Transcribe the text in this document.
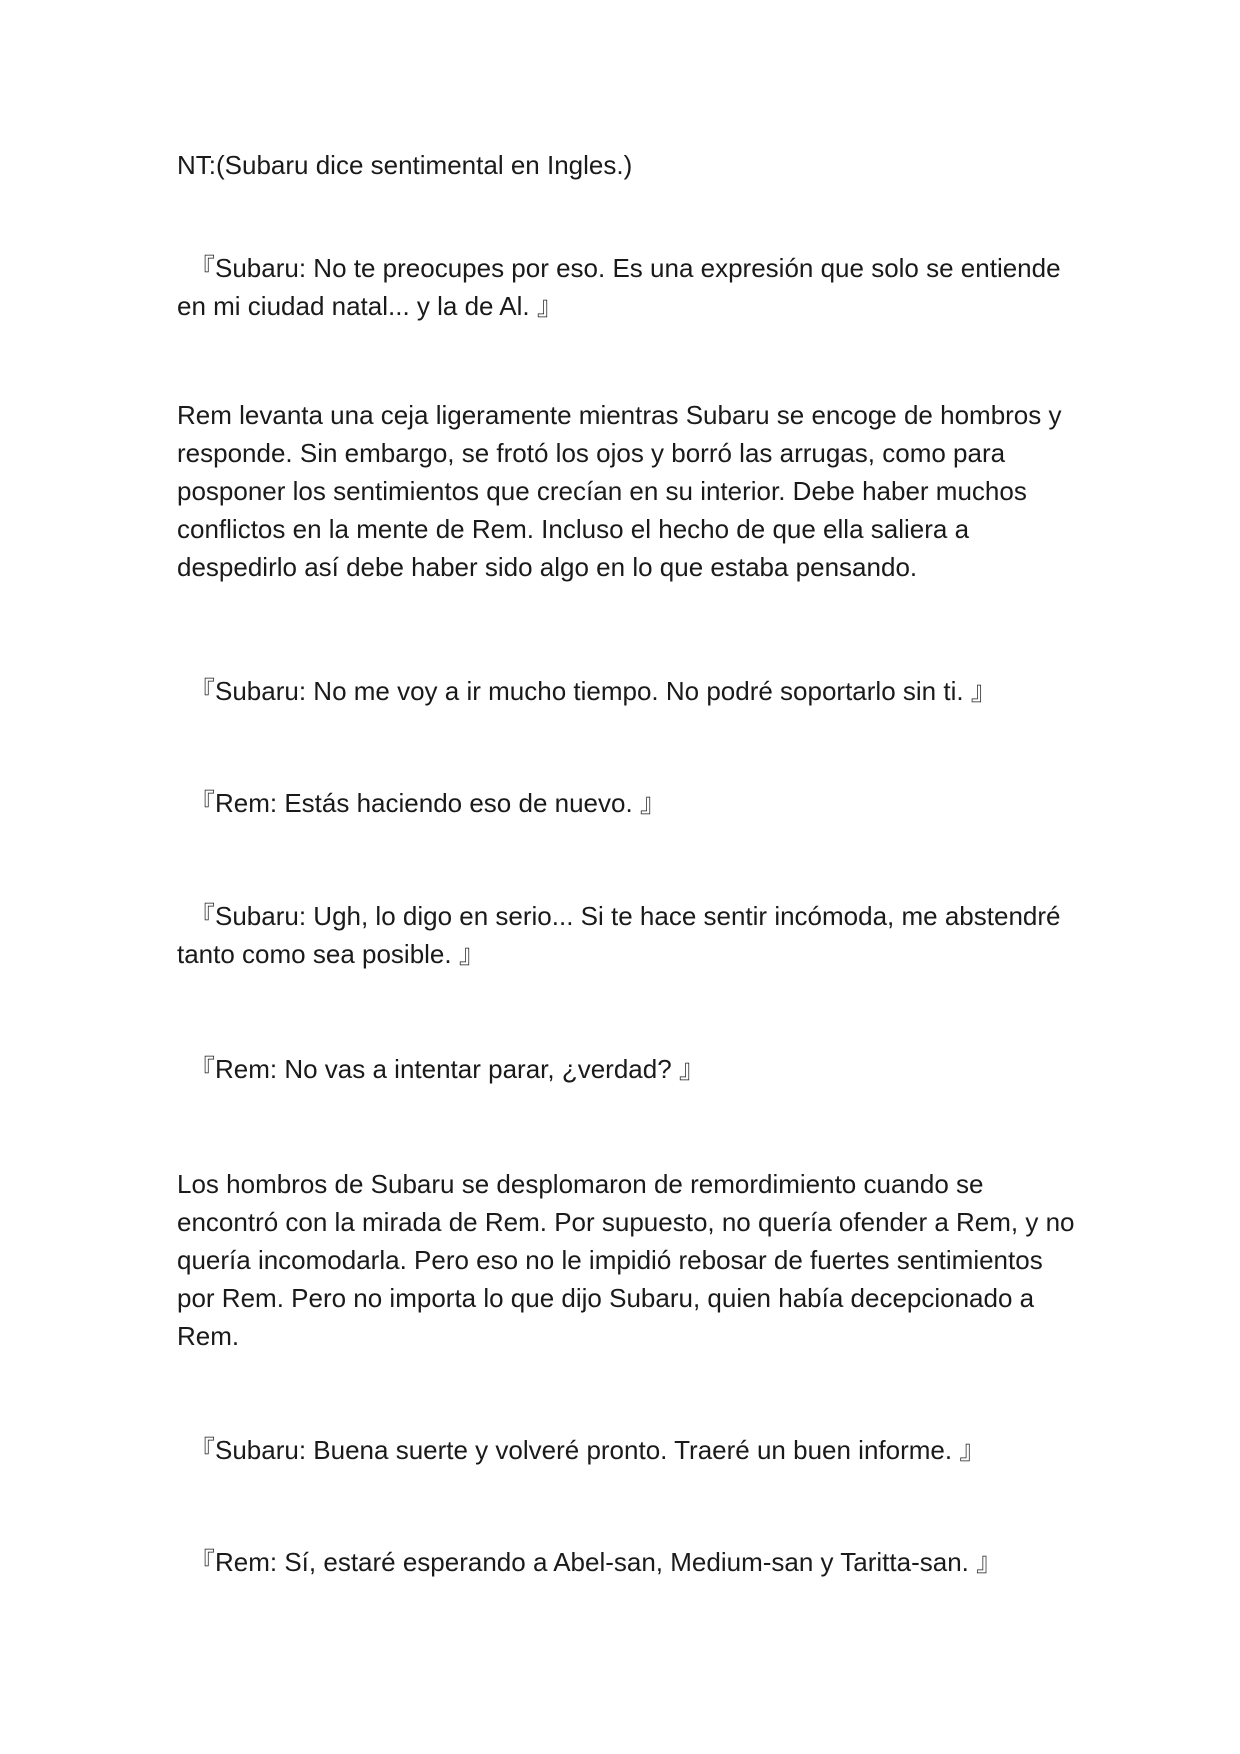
NT:(Subaru dice sentimental en Ingles.)

『Subaru: No te preocupes por eso. Es una expresión que solo se entiende en mi ciudad natal... y la de Al. 』

Rem levanta una ceja ligeramente mientras Subaru se encoge de hombros y responde. Sin embargo, se frotó los ojos y borró las arrugas, como para posponer los sentimientos que crecían en su interior. Debe haber muchos conflictos en la mente de Rem. Incluso el hecho de que ella saliera a despedirlo así debe haber sido algo en lo que estaba pensando.

『Subaru: No me voy a ir mucho tiempo. No podré soportarlo sin ti. 』

『Rem: Estás haciendo eso de nuevo. 』

『Subaru: Ugh, lo digo en serio... Si te hace sentir incómoda, me abstendré tanto como sea posible. 』

『Rem: No vas a intentar parar, ¿verdad? 』

Los hombros de Subaru se desplomaron de remordimiento cuando se encontró con la mirada de Rem. Por supuesto, no quería ofender a Rem, y no quería incomodarla. Pero eso no le impidió rebosar de fuertes sentimientos por Rem. Pero no importa lo que dijo Subaru, quien había decepcionado a Rem.

『Subaru: Buena suerte y volveré pronto. Traeré un buen informe. 』

『Rem: Sí, estaré esperando a Abel-san, Medium-san y Taritta-san. 』
